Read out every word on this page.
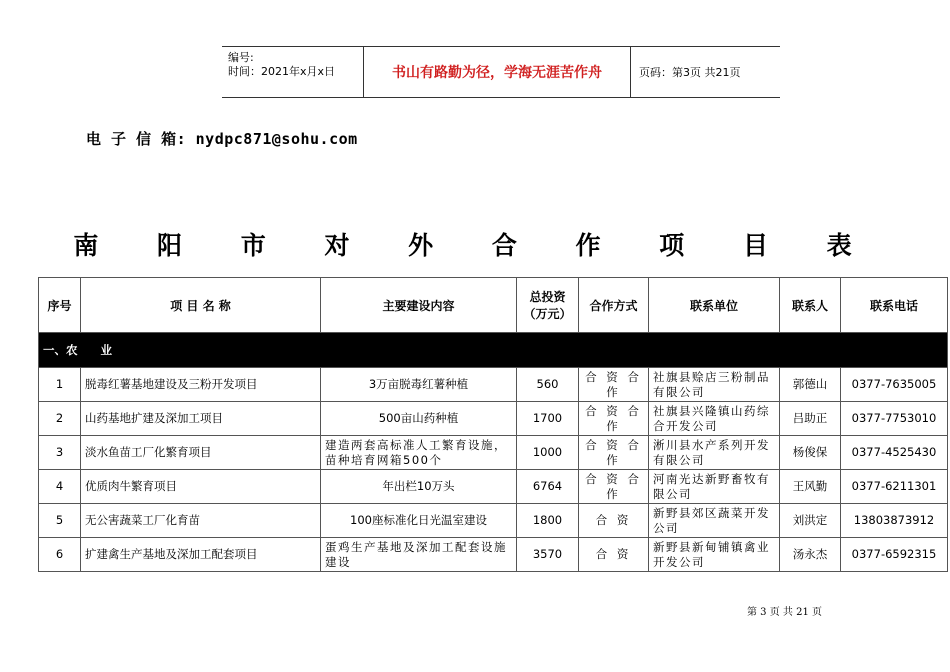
编号:
时间：2021年x月x日	书山有路勤为径，学海无涯苦作舟	页码：第3页 共21页
电 子 信 箱: nydpc871@sohu.com
南 阳 市 对 外 合 作 项 目 表
序号	项 目 名 称	主要建设内容	总投资（万元）	合作方式	联系单位	联系人	联系电话
一、农　　业							
1	脱毒红薯基地建设及三粉开发项目	3万亩脱毒红薯种植	560	合 资 合 作	社旗县赊店三粉制品有限公司	郭德山	0377-7635005
2	山药基地扩建及深加工项目	500亩山药种植	1700	合 资 合 作	社旗县兴隆镇山药综合开发公司	吕助正	0377-7753010
3	淡水鱼苗工厂化繁育项目	建造两套高标准人工繁育设施，苗种培育网箱500个	1000	合 资 合 作	淅川县水产系列开发有限公司	杨俊保	0377-4525430
4	优质肉牛繁育项目	年出栏10万头	6764	合 资 合 作	河南光达新野畜牧有限公司	王风勤	0377-6211301
5	无公害蔬菜工厂化育苗	100座标准化日光温室建设	1800	合 资	新野县郊区蔬菜开发公司	刘洪定	13803873912
6	扩建禽生产基地及深加工配套项目	蛋鸡生产基地及深加工配套设施建设	3570	合 资	新野县新甸铺镇禽业开发公司	汤永杰	0377-6592315
第 3 页 共 21 页
